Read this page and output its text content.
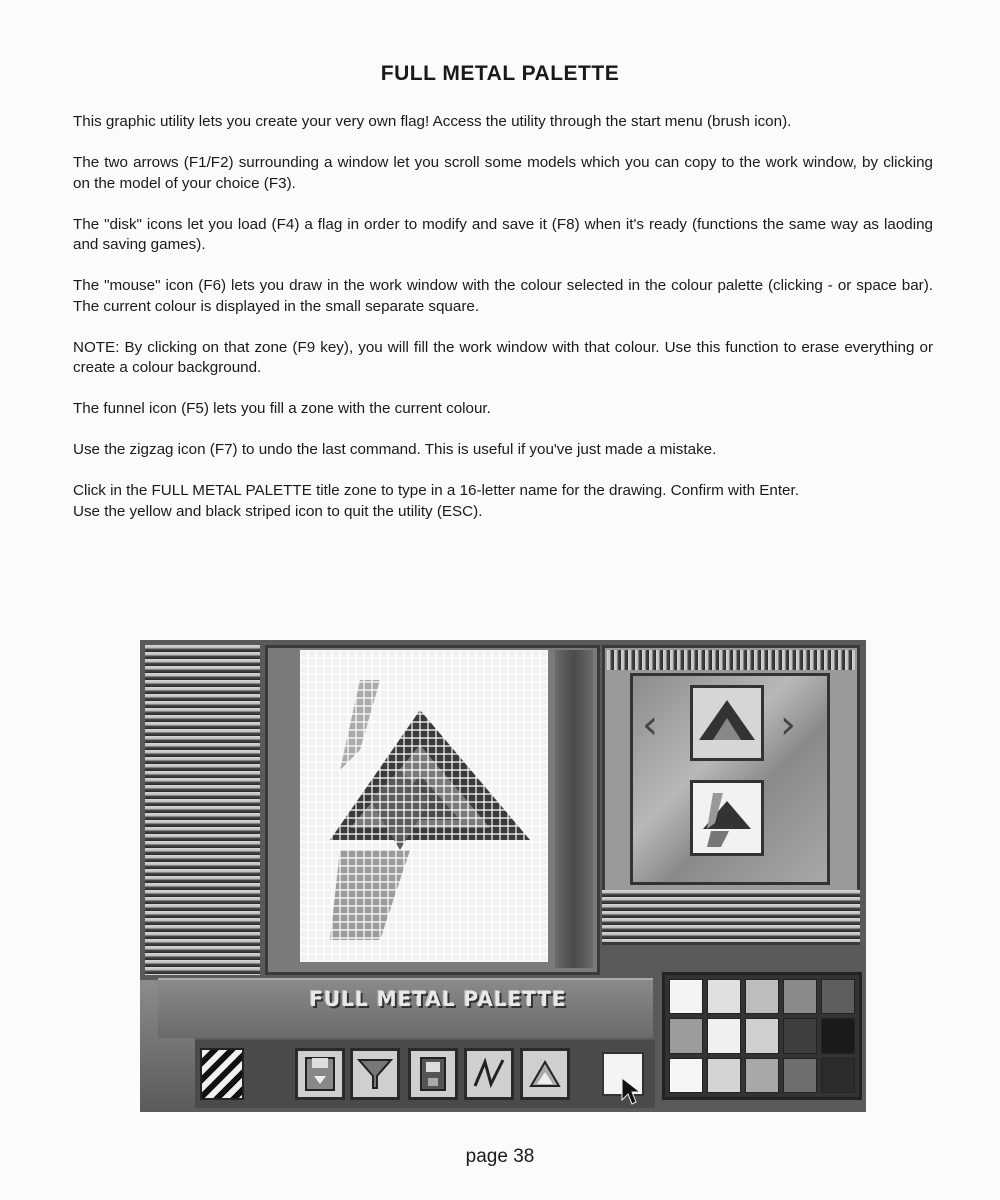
FULL METAL PALETTE

This graphic utility lets you create your very own flag! Access the utility through the start menu (brush icon).

The two arrows (F1/F2) surrounding a window let you scroll some models which you can copy to the work window, by clicking on the model of your choice (F3).

The "disk" icons let you load (F4) a flag in order to modify and save it (F8) when it's ready (functions the same way as laoding and saving games).

The "mouse" icon (F6) lets you draw in the work window with the colour selected in the colour palette (clicking - or space bar). The current colour is displayed in the small separate square.

NOTE: By clicking on that zone (F9 key), you will fill the work window with that colour. Use this function to erase everything or create a colour background.

The funnel icon (F5) lets you fill a zone with the current colour.

Use the zigzag icon (F7) to undo the last command. This is useful if you've just made a mistake.

Click in the FULL METAL PALETTE title zone to type in a 16-letter name for the drawing. Confirm with Enter.

Use the yellow and black striped icon to quit the utility (ESC).

‹	›
FULL METAL PALETTE
page 38
